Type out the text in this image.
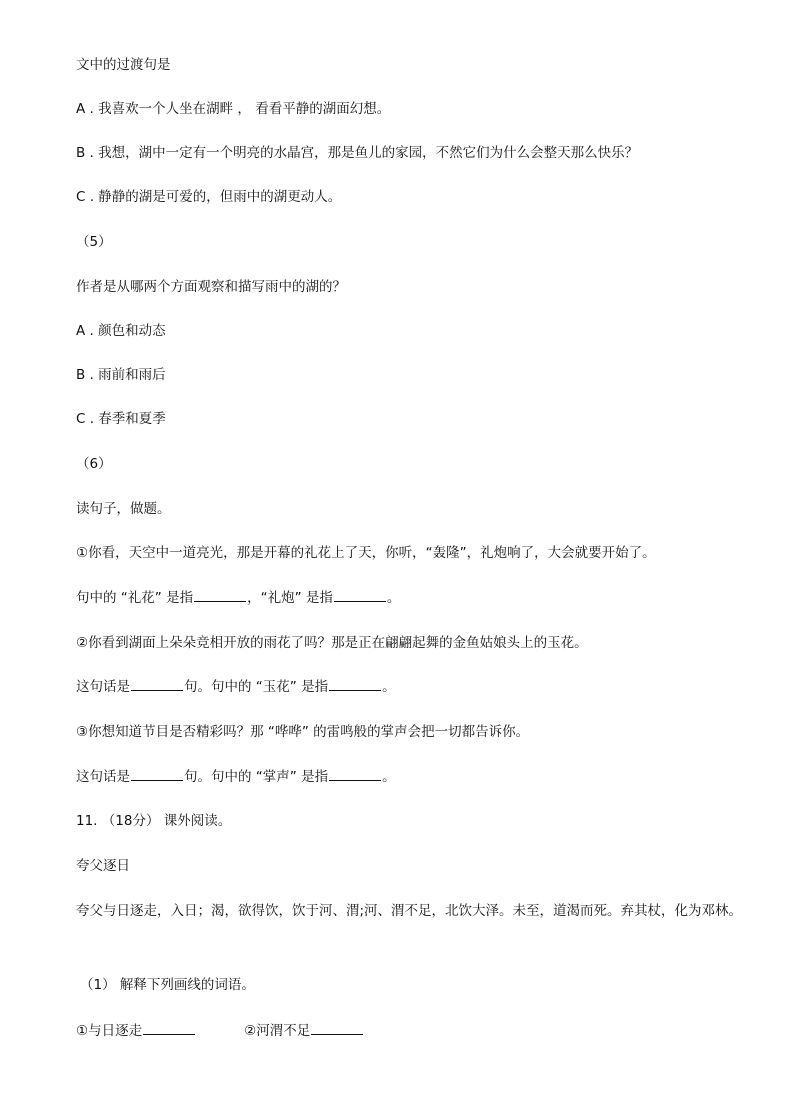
文中的过渡句是

A . 我喜欢一个人坐在湖畔 ， 看看平静的湖面幻想。

B . 我想，湖中一定有一个明亮的水晶宫，那是鱼儿的家园，不然它们为什么会整天那么快乐？

C . 静静的湖是可爱的，但雨中的湖更动人。

（5）

作者是从哪两个方面观察和描写雨中的湖的？

A . 颜色和动态

B . 雨前和雨后

C . 春季和夏季

（6）

读句子，做题。

①你看，天空中一道亮光，那是开幕的礼花上了天，你听，“轰隆”，礼炮响了，大会就要开始了。

句中的 “礼花” 是指	，“礼炮” 是指	。

②你看到湖面上朵朵竞相开放的雨花了吗？那是正在翩翩起舞的金鱼姑娘头上的玉花。

这句话是	句。句中的 “玉花” 是指	。

③你想知道节目是否精彩吗？那 “哗哗” 的雷鸣般的掌声会把一切都告诉你。

这句话是	句。句中的 “掌声” 是指	。

11. （18分） 课外阅读。

夸父逐日

夸父与日逐走，入日；渴，欲得饮，饮于河、渭;河、渭不足，北饮大泽。未至，道渴而死。弃其杖，化为邓林。

（1） 解释下列画线的词语。

①与日逐走	②河渭不足
